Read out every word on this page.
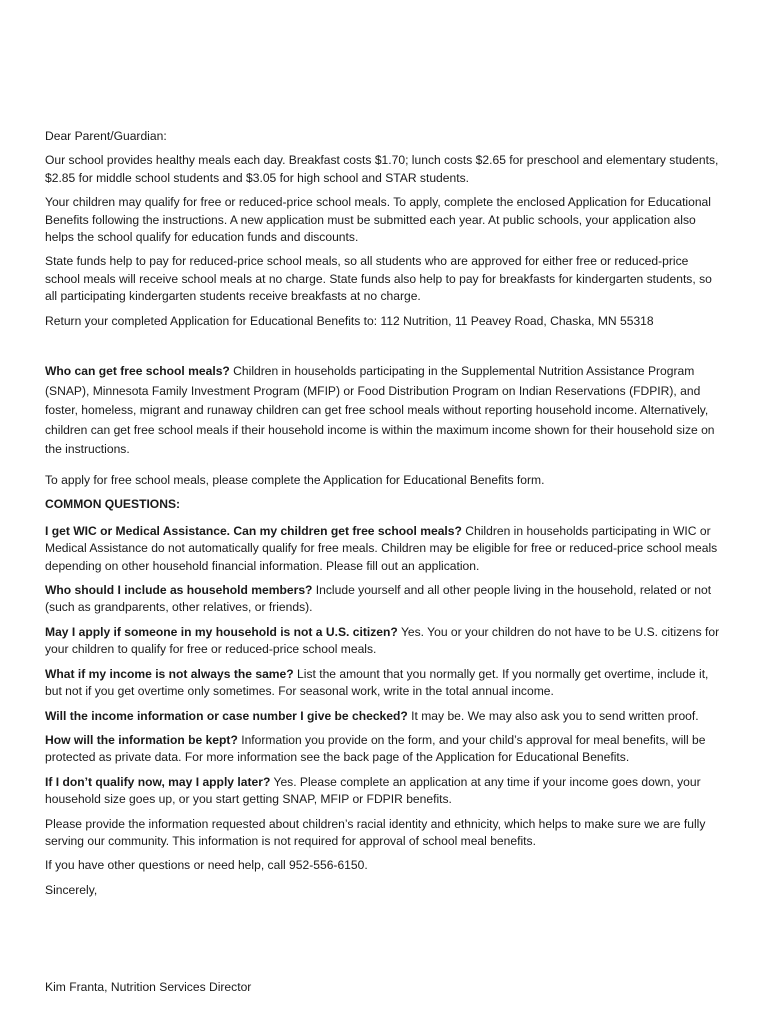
Dear Parent/Guardian:

Our school provides healthy meals each day. Breakfast costs $1.70; lunch costs $2.65 for preschool and elementary students, $2.85 for middle school students and $3.05 for high school and STAR students.

Your children may qualify for free or reduced-price school meals. To apply, complete the enclosed Application for Educational Benefits following the instructions. A new application must be submitted each year. At public schools, your application also helps the school qualify for education funds and discounts.

State funds help to pay for reduced-price school meals, so all students who are approved for either free or reduced-price school meals will receive school meals at no charge. State funds also help to pay for breakfasts for kindergarten students, so all participating kindergarten students receive breakfasts at no charge.

Return your completed Application for Educational Benefits to: 112 Nutrition, 11 Peavey Road, Chaska, MN 55318

Who can get free school meals? Children in households participating in the Supplemental Nutrition Assistance Program (SNAP), Minnesota Family Investment Program (MFIP) or Food Distribution Program on Indian Reservations (FDPIR), and foster, homeless, migrant and runaway children can get free school meals without reporting household income. Alternatively, children can get free school meals if their household income is within the maximum income shown for their household size on the instructions.

To apply for free school meals, please complete the Application for Educational Benefits form.

COMMON QUESTIONS:

I get WIC or Medical Assistance. Can my children get free school meals? Children in households participating in WIC or Medical Assistance do not automatically qualify for free meals. Children may be eligible for free or reduced-price school meals depending on other household financial information. Please fill out an application.

Who should I include as household members? Include yourself and all other people living in the household, related or not (such as grandparents, other relatives, or friends).

May I apply if someone in my household is not a U.S. citizen? Yes. You or your children do not have to be U.S. citizens for your children to qualify for free or reduced-price school meals.

What if my income is not always the same? List the amount that you normally get. If you normally get overtime, include it, but not if you get overtime only sometimes. For seasonal work, write in the total annual income.

Will the income information or case number I give be checked? It may be. We may also ask you to send written proof.

How will the information be kept? Information you provide on the form, and your child’s approval for meal benefits, will be protected as private data. For more information see the back page of the Application for Educational Benefits.

If I don’t qualify now, may I apply later? Yes. Please complete an application at any time if your income goes down, your household size goes up, or you start getting SNAP, MFIP or FDPIR benefits.

Please provide the information requested about children’s racial identity and ethnicity, which helps to make sure we are fully serving our community. This information is not required for approval of school meal benefits.

If you have other questions or need help, call 952-556-6150.

Sincerely,

Kim Franta, Nutrition Services Director
